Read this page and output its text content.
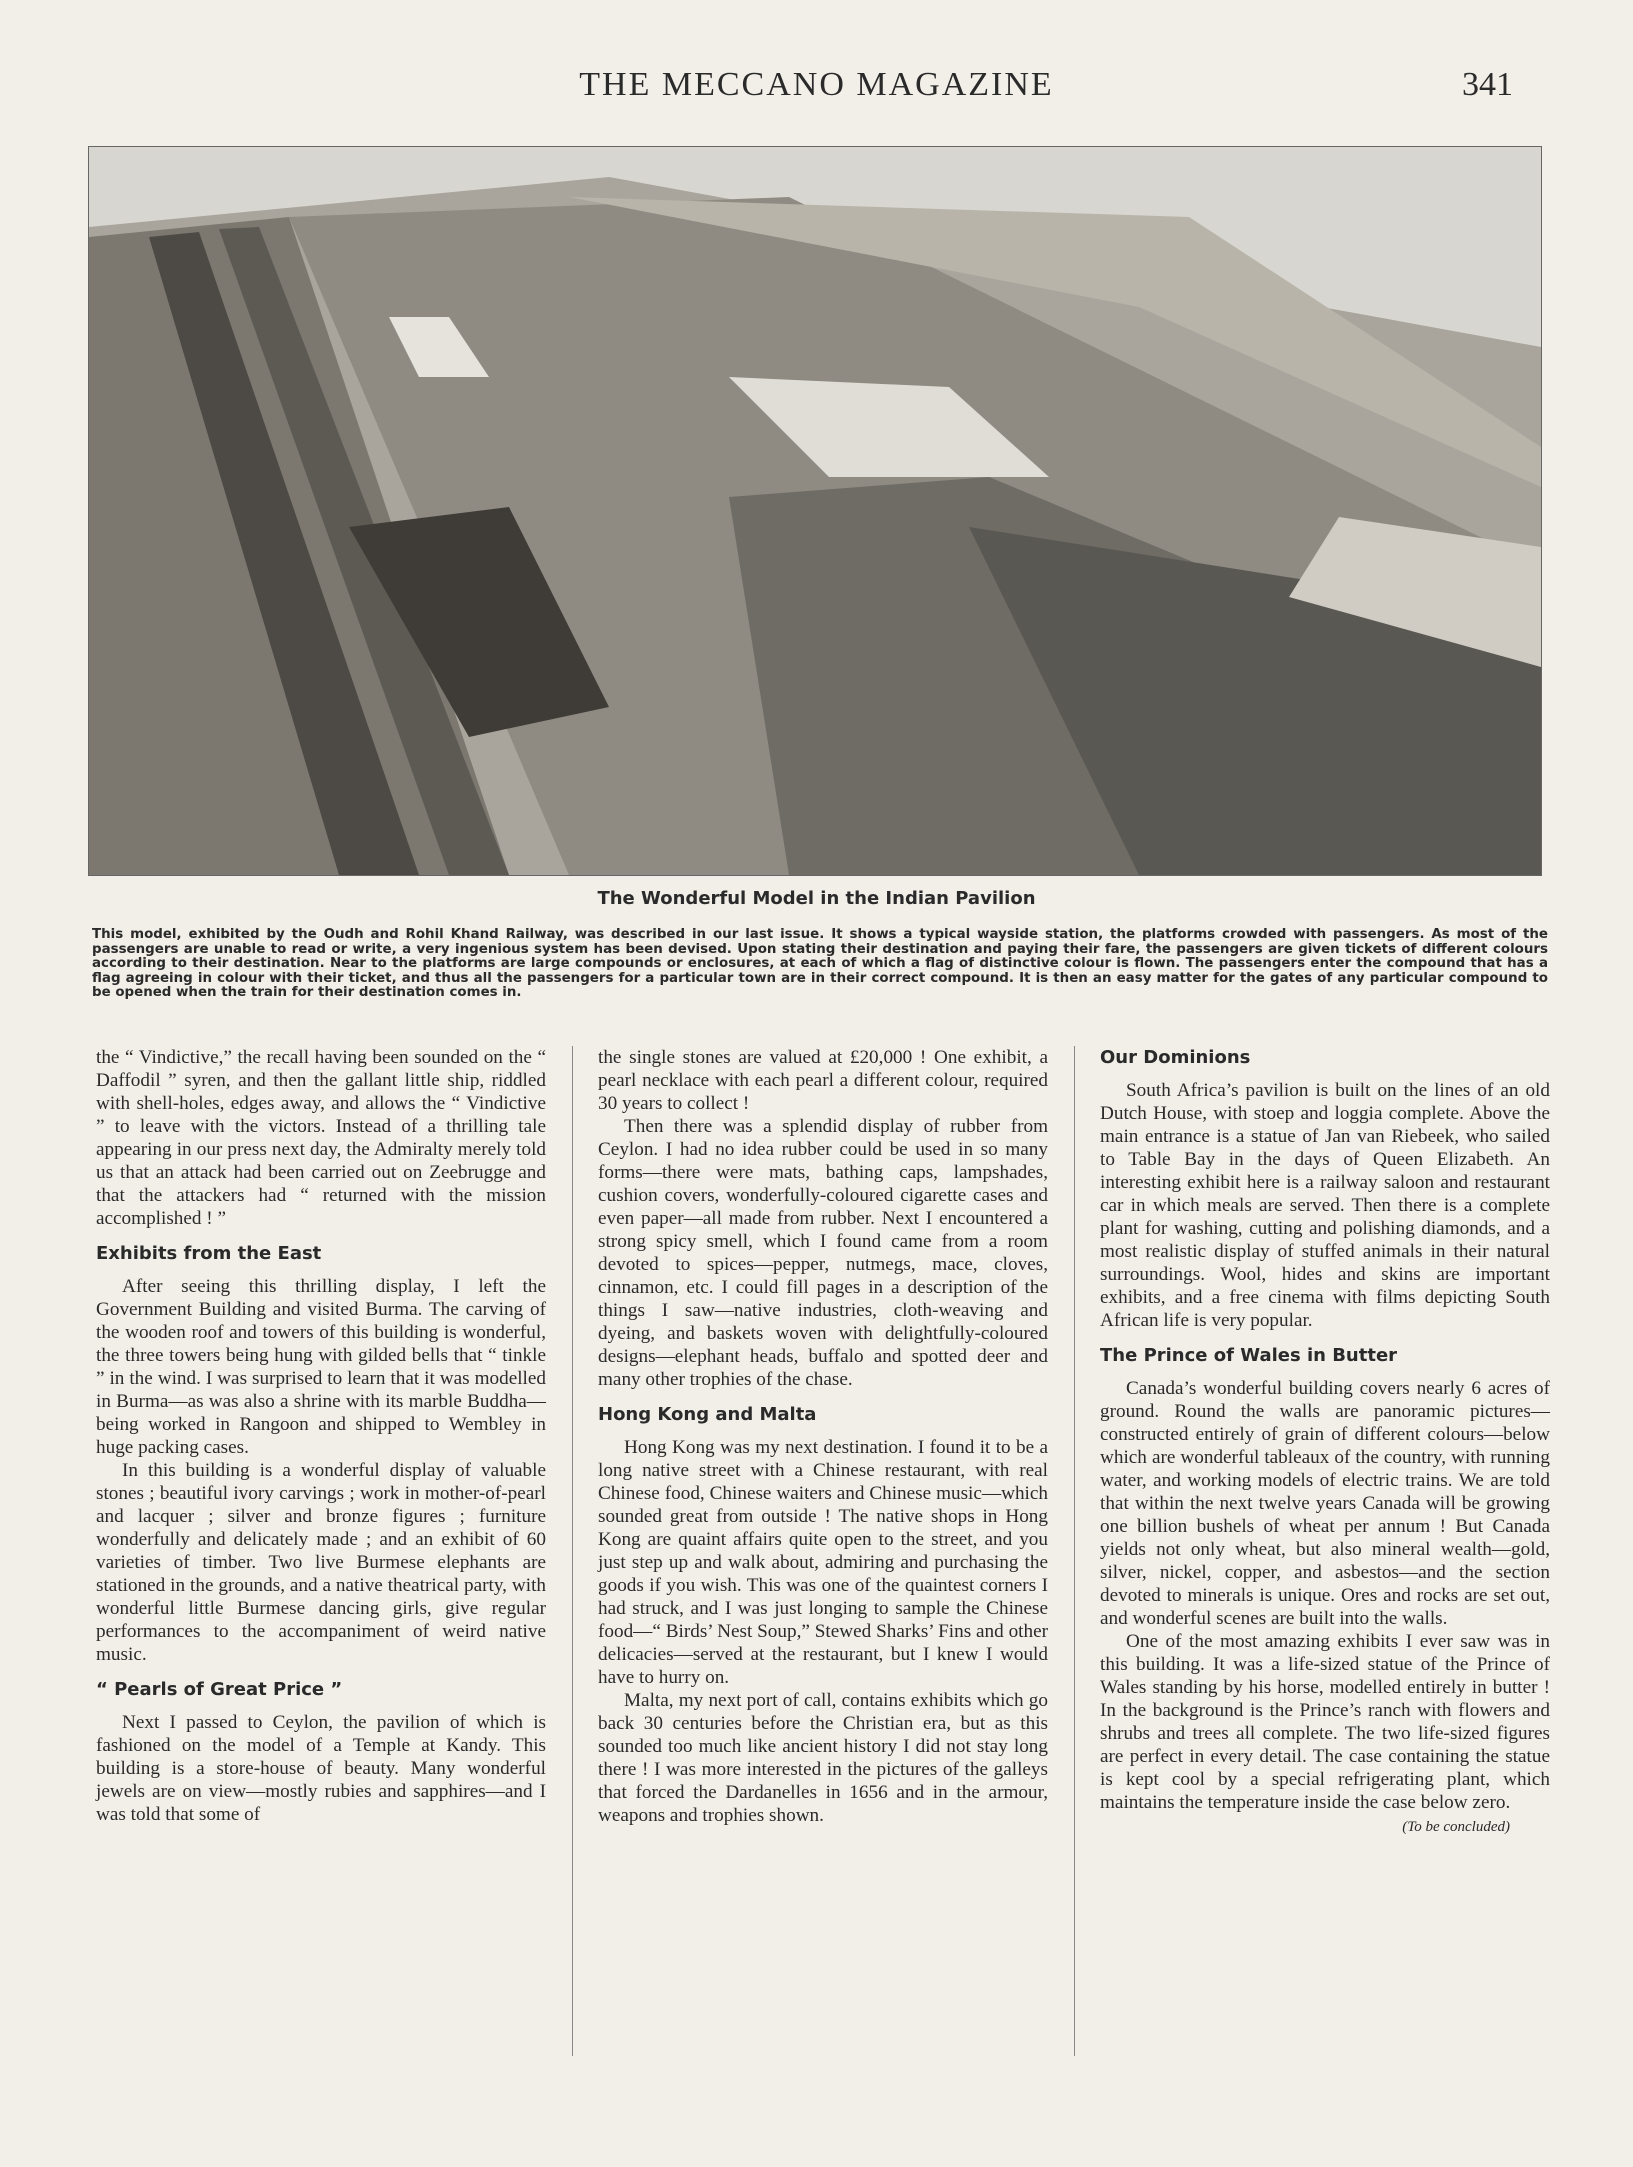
THE MECCANO MAGAZINE	341
The Wonderful Model in the Indian Pavilion
This model, exhibited by the Oudh and Rohil Khand Railway, was described in our last issue. It shows a typical wayside station, the platforms crowded with passengers. As most of the passengers are unable to read or write, a very ingenious system has been devised. Upon stating their destination and paying their fare, the passengers are given tickets of different colours according to their destination. Near to the platforms are large compounds or enclosures, at each of which a flag of distinctive colour is flown. The passengers enter the compound that has a flag agreeing in colour with their ticket, and thus all the passengers for a particular town are in their correct compound. It is then an easy matter for the gates of any particular compound to be opened when the train for their destination comes in.

the “ Vindictive,” the recall having been sounded on the “ Daffodil ” syren, and then the gallant little ship, riddled with shell-holes, edges away, and allows the “ Vindictive ” to leave with the victors. Instead of a thrilling tale appearing in our press next day, the Admiralty merely told us that an attack had been carried out on Zeebrugge and that the attackers had “ returned with the mission accomplished ! ”

Exhibits from the East

After seeing this thrilling display, I left the Government Building and visited Burma. The carving of the wooden roof and towers of this building is wonderful, the three towers being hung with gilded bells that “ tinkle ” in the wind. I was surprised to learn that it was modelled in Burma—as was also a shrine with its marble Buddha—being worked in Rangoon and shipped to Wembley in huge packing cases.

In this building is a wonderful display of valuable stones ; beautiful ivory carvings ; work in mother-of-pearl and lacquer ; silver and bronze figures ; furniture wonderfully and delicately made ; and an exhibit of 60 varieties of timber. Two live Burmese elephants are stationed in the grounds, and a native theatrical party, with wonderful little Burmese dancing girls, give regular performances to the accompaniment of weird native music.

“ Pearls of Great Price ”

Next I passed to Ceylon, the pavilion of which is fashioned on the model of a Temple at Kandy. This building is a store-house of beauty. Many wonderful jewels are on view—mostly rubies and sapphires—and I was told that some of

the single stones are valued at £20,000 ! One exhibit, a pearl necklace with each pearl a different colour, required 30 years to collect !

Then there was a splendid display of rubber from Ceylon. I had no idea rubber could be used in so many forms—there were mats, bathing caps, lampshades, cushion covers, wonderfully-coloured cigarette cases and even paper—all made from rubber. Next I encountered a strong spicy smell, which I found came from a room devoted to spices—pepper, nutmegs, mace, cloves, cinnamon, etc. I could fill pages in a description of the things I saw—native industries, cloth-weaving and dyeing, and baskets woven with delightfully-coloured designs—elephant heads, buffalo and spotted deer and many other trophies of the chase.

Hong Kong and Malta

Hong Kong was my next destination. I found it to be a long native street with a Chinese restaurant, with real Chinese food, Chinese waiters and Chinese music—which sounded great from outside ! The native shops in Hong Kong are quaint affairs quite open to the street, and you just step up and walk about, admiring and purchasing the goods if you wish. This was one of the quaintest corners I had struck, and I was just longing to sample the Chinese food—“ Birds’ Nest Soup,” Stewed Sharks’ Fins and other delicacies—served at the restaurant, but I knew I would have to hurry on.

Malta, my next port of call, contains exhibits which go back 30 centuries before the Christian era, but as this sounded too much like ancient history I did not stay long there ! I was more interested in the pictures of the galleys that forced the Dardanelles in 1656 and in the armour, weapons and trophies shown.

Our Dominions

South Africa’s pavilion is built on the lines of an old Dutch House, with stoep and loggia complete. Above the main entrance is a statue of Jan van Riebeek, who sailed to Table Bay in the days of Queen Elizabeth. An interesting exhibit here is a railway saloon and restaurant car in which meals are served. Then there is a complete plant for washing, cutting and polishing diamonds, and a most realistic display of stuffed animals in their natural surroundings. Wool, hides and skins are important exhibits, and a free cinema with films depicting South African life is very popular.

The Prince of Wales in Butter

Canada’s wonderful building covers nearly 6 acres of ground. Round the walls are panoramic pictures—constructed entirely of grain of different colours—below which are wonderful tableaux of the country, with running water, and working models of electric trains. We are told that within the next twelve years Canada will be growing one billion bushels of wheat per annum ! But Canada yields not only wheat, but also mineral wealth—gold, silver, nickel, copper, and asbestos—and the section devoted to minerals is unique. Ores and rocks are set out, and wonderful scenes are built into the walls.

One of the most amazing exhibits I ever saw was in this building. It was a life-sized statue of the Prince of Wales standing by his horse, modelled entirely in butter ! In the background is the Prince’s ranch with flowers and shrubs and trees all complete. The two life-sized figures are perfect in every detail. The case containing the statue is kept cool by a special refrigerating plant, which maintains the temperature inside the case below zero.

(To be concluded)
